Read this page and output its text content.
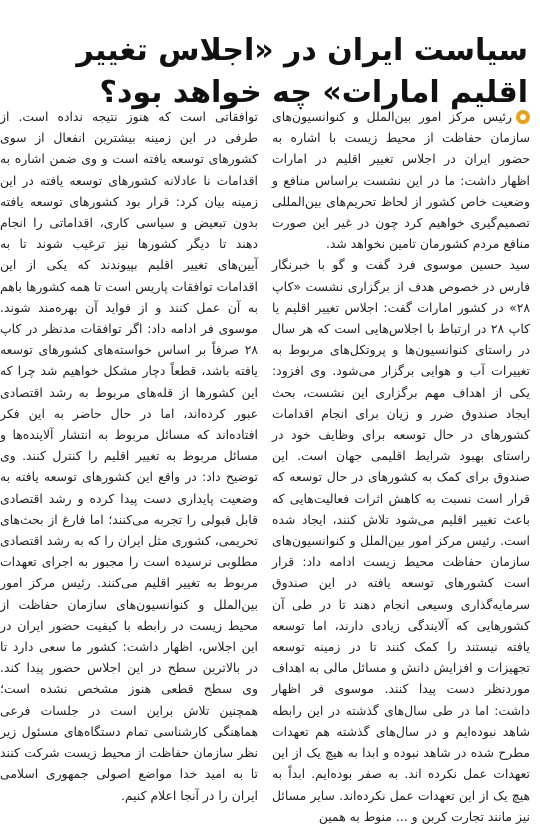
سیاست ایران در «اجلاس تغییر اقلیم امارات» چه خواهد بود؟

رئیس مرکز امور بین‌الملل و کنوانسیون‌های سازمان حفاظت از محیط زیست با اشاره به حضور ایران در اجلاس تغییر اقلیم در امارات اظهار داشت: ما در این نشست براساس منافع و وضعیت خاص کشور از لحاظ تحریم‌های بین‌المللی تصمیم‌گیری خواهیم کرد چون در غیر این صورت منافع مردم کشورمان تامین نخواهد شد.

سید حسین موسوی فرد گفت و گو با خبرنگار فارس در خصوص هدف از برگزاری نشست «کاپ ۲۸» در کشور امارات گفت: اجلاس تغییر اقلیم یا کاپ ۲۸ در ارتباط با اجلاس‌هایی است که هر سال در راستای کنوانسیون‌ها و پروتکل‌های مربوط به تغییرات آب و هوایی برگزار می‌شود. وی افزود: یکی از اهداف مهم برگزاری این نشست، بحث ایجاد صندوق ضرر و زیان برای انجام اقدامات کشورهای در حال توسعه برای وظایف خود در راستای بهبود شرایط اقلیمی جهان است. این صندوق برای کمک به کشورهای در حال توسعه که قرار است نسبت به کاهش اثرات فعالیت‌هایی که باعث تغییر اقلیم می‌شود تلاش کنند، ایجاد شده است. رئیس مرکز امور بین‌الملل و کنوانسیون‌های سازمان حفاظت محیط زیست ادامه داد: قرار است کشورهای توسعه یافته در این صندوق سرمایه‌گذاری وسیعی انجام دهند تا در طی آن کشورهایی که آلایندگی زیادی دارند، اما توسعه یافته نیستند را کمک کنند تا در زمینه توسعه تجهیزات و افزایش دانش و مسائل مالی به اهداف موردنظر دست پیدا کنند. موسوی فر اظهار داشت: اما در طی سال‌های گذشته در این رابطه شاهد نبوده‌ایم و در سال‌های گذشته هم تعهدات مطرح شده در شاهد نبوده و ابدا به هیچ یک از این تعهدات عمل نکرده اند. به صفر بوده‌ایم. ابداً به هیچ یک از این تعهدات عمل نکرده‌اند. سایر مسائل نیز مانند تجارت کربن و ... منوط به همین

توافقاتی است که هنوز نتیجه نداده است. از طرفی در این زمینه بیشترین انفعال از سوی کشورهای توسعه یافته است و وی ضمن اشاره به اقدامات نا عادلانه کشورهای توسعه یافته در این زمینه بیان کرد: قرار بود کشورهای توسعه یافته بدون تبعیض و سیاسی کاری، اقداماتی را انجام دهند تا دیگر کشورها نیز ترغیب شوند تا به آیین‌های تغییر اقلیم بپیوندند که یکی از این اقدامات توافقات پاریس است تا همه کشورها باهم به آن عمل کنند و از فواید آن بهره‌مند شوند. موسوی فر ادامه داد: اگر توافقات مدنظر در کاپ ۲۸ صرفاً بر اساس خواسته‌های کشورهای توسعه یافته باشد، قطعاً دچار مشکل خواهیم شد چرا که این کشورها از قله‌های مربوط به رشد اقتصادی عبور کرده‌اند، اما در حال حاضر به این فکر افتاده‌اند که مسائل مربوط به انتشار آلاینده‌ها و مسائل مربوط به تغییر اقلیم را کنترل کنند. وی توضیح داد: در واقع این کشورهای توسعه یافته به وضعیت پایداری دست پیدا کرده و رشد اقتصادی قابل قبولی را تجربه می‌کنند؛ اما فارغ از بحث‌های تحریمی، کشوری مثل ایران را که به رشد اقتصادی مطلوبی نرسیده است را مجبور به اجرای تعهدات مربوط به تغییر اقلیم می‌کنند. رئیس مرکز امور بین‌الملل و کنوانسیون‌های سازمان حفاظت از محیط زیست در رابطه با کیفیت حضور ایران در این اجلاس، اظهار داشت: کشور ما سعی دارد تا در بالاترین سطح در این اجلاس حضور پیدا کند. وی سطح قطعی هنوز مشخص نشده است؛ همچنین تلاش براین است در جلسات فرعی هماهنگی کارشناسی تمام دستگاه‌های مسئول زیر نظر سازمان حفاظت از محیط زیست شرکت کنند تا به امید خدا مواضع اصولی جمهوری اسلامی ایران را در آنجا اعلام کنیم.
